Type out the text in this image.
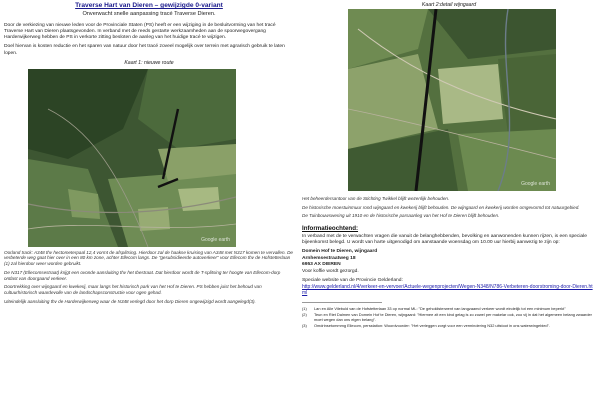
Traverse Hart van Dieren – gewijzigde 0-variant
Onverwacht snelle aanpassing tracé Traverse Dieren.

Door de verkiezing van nieuwe leden voor de Provinciale Staten (PS) heeft er een wijziging in de besluitvorming van het tracé Traverse Hart van Dieren plaatsgevonden. In verband met de reeds gestarte werkzaamheden aan de spoorwegovergang Harderwijkerweg hebben de PS in verkorte zitting besloten de aanleg van het huidige tracé te wijzigen.

Doel hiervan is kosten reductie en het sparen van natuur door het tracé zoveel mogelijk over terrein met agrarisch gebruik te laten lopen.

Kaart 1: nieuwe route
Google earth

Oorland track: A348 thv hectometerpaal 12,4 vormt de afsplitsing. Hierdoor zal de haakse kruising van A348 met N317 komen te vervallen. De verbeterde weg gaat hier over in een 80 km zone, achter Ellecom langs. De "gesubsidieerde autoverkeer" voor Ellecom thv de Hofstetterlaan (1) zal hierdoor weer worden gebruikt.

De N317 (Ellecomsestraat) krijgt een ovonde aansluiting thv het Ibestraat. Dat hierdoor wordt de T-splitsing ter hoogte van Ellecom-dorp ontlast van doorgaand verkeer.

Doortrekking over wijngaard en kwekerij, maar langs het historisch park van het Hof te Dieren. PS hebben juist het behoud van cultuurhistorisch waardevolle van de landschapsconstructie voor ogen gehad.

Uiteindelijk aansluiting thv de Harderwijkerweg waar de N348 verlegd door het dorp Dieren ongewijzigd wordt aangelegd(3).

Kaart 2:detail wijngaard
Google earth

Het beheerdersantoor van de Stichting Twikkel blijft wezenlijk behouden.

De historische moestuinmuur rond wijngaard en kwekerij blijft behouden. De wijngaard en kwekerij worden omgevormd tot natuurgebied.

De Tuinbouwswering uit 1910 en de historische parsaanleg van het Hof te Dieren blijft behouden.

Informatieochtend:

In verband met de te verwachten vragen die vanuit de belanghebbenden, bevolking en aanwonenden kunnen rijzen, is een speciale bijeenkomst belegd. U wordt van harte uitgenodigd om aanstaande woensdag om 10.00 uur hierbij aanwezig te zijn op:

Domein Hof te Dieren, wijngaard
Arnhemsestraatweg 18
6953 AX DIEREN
Voor koffie wordt gezorgd.

Speciale website van de Provincie Gelderland:

http://www.gelderland.nl/4/verkeer-en-vervoer/Actuele-wegenprojecten/Wegen-N348/N786-Verbeteren-doorstroming-door-Dieren.html
(1)	Lan en Alle Vilebuld van de Hofstetterlaan 33 op normal ML: "De gehoklisterwent van langzaamd verkeer wordt eindelijk tot een minimum beperkt"
(2)	Teun en Riet Dalmen van Domein Hof te Dieren, wijngaard: "Hiermee zit een kind gelag is zo zowel per makelar ook, zoo vij in dat het algemeen belang zwaarder moet wegen dan ons eigen belang".
(3)	Omdrinsetommmg Ellecom, persstation: Woordvoorder: "Het verleggen zorgt voor een vermindering N32 uitstoot in ons waterwingebied".
